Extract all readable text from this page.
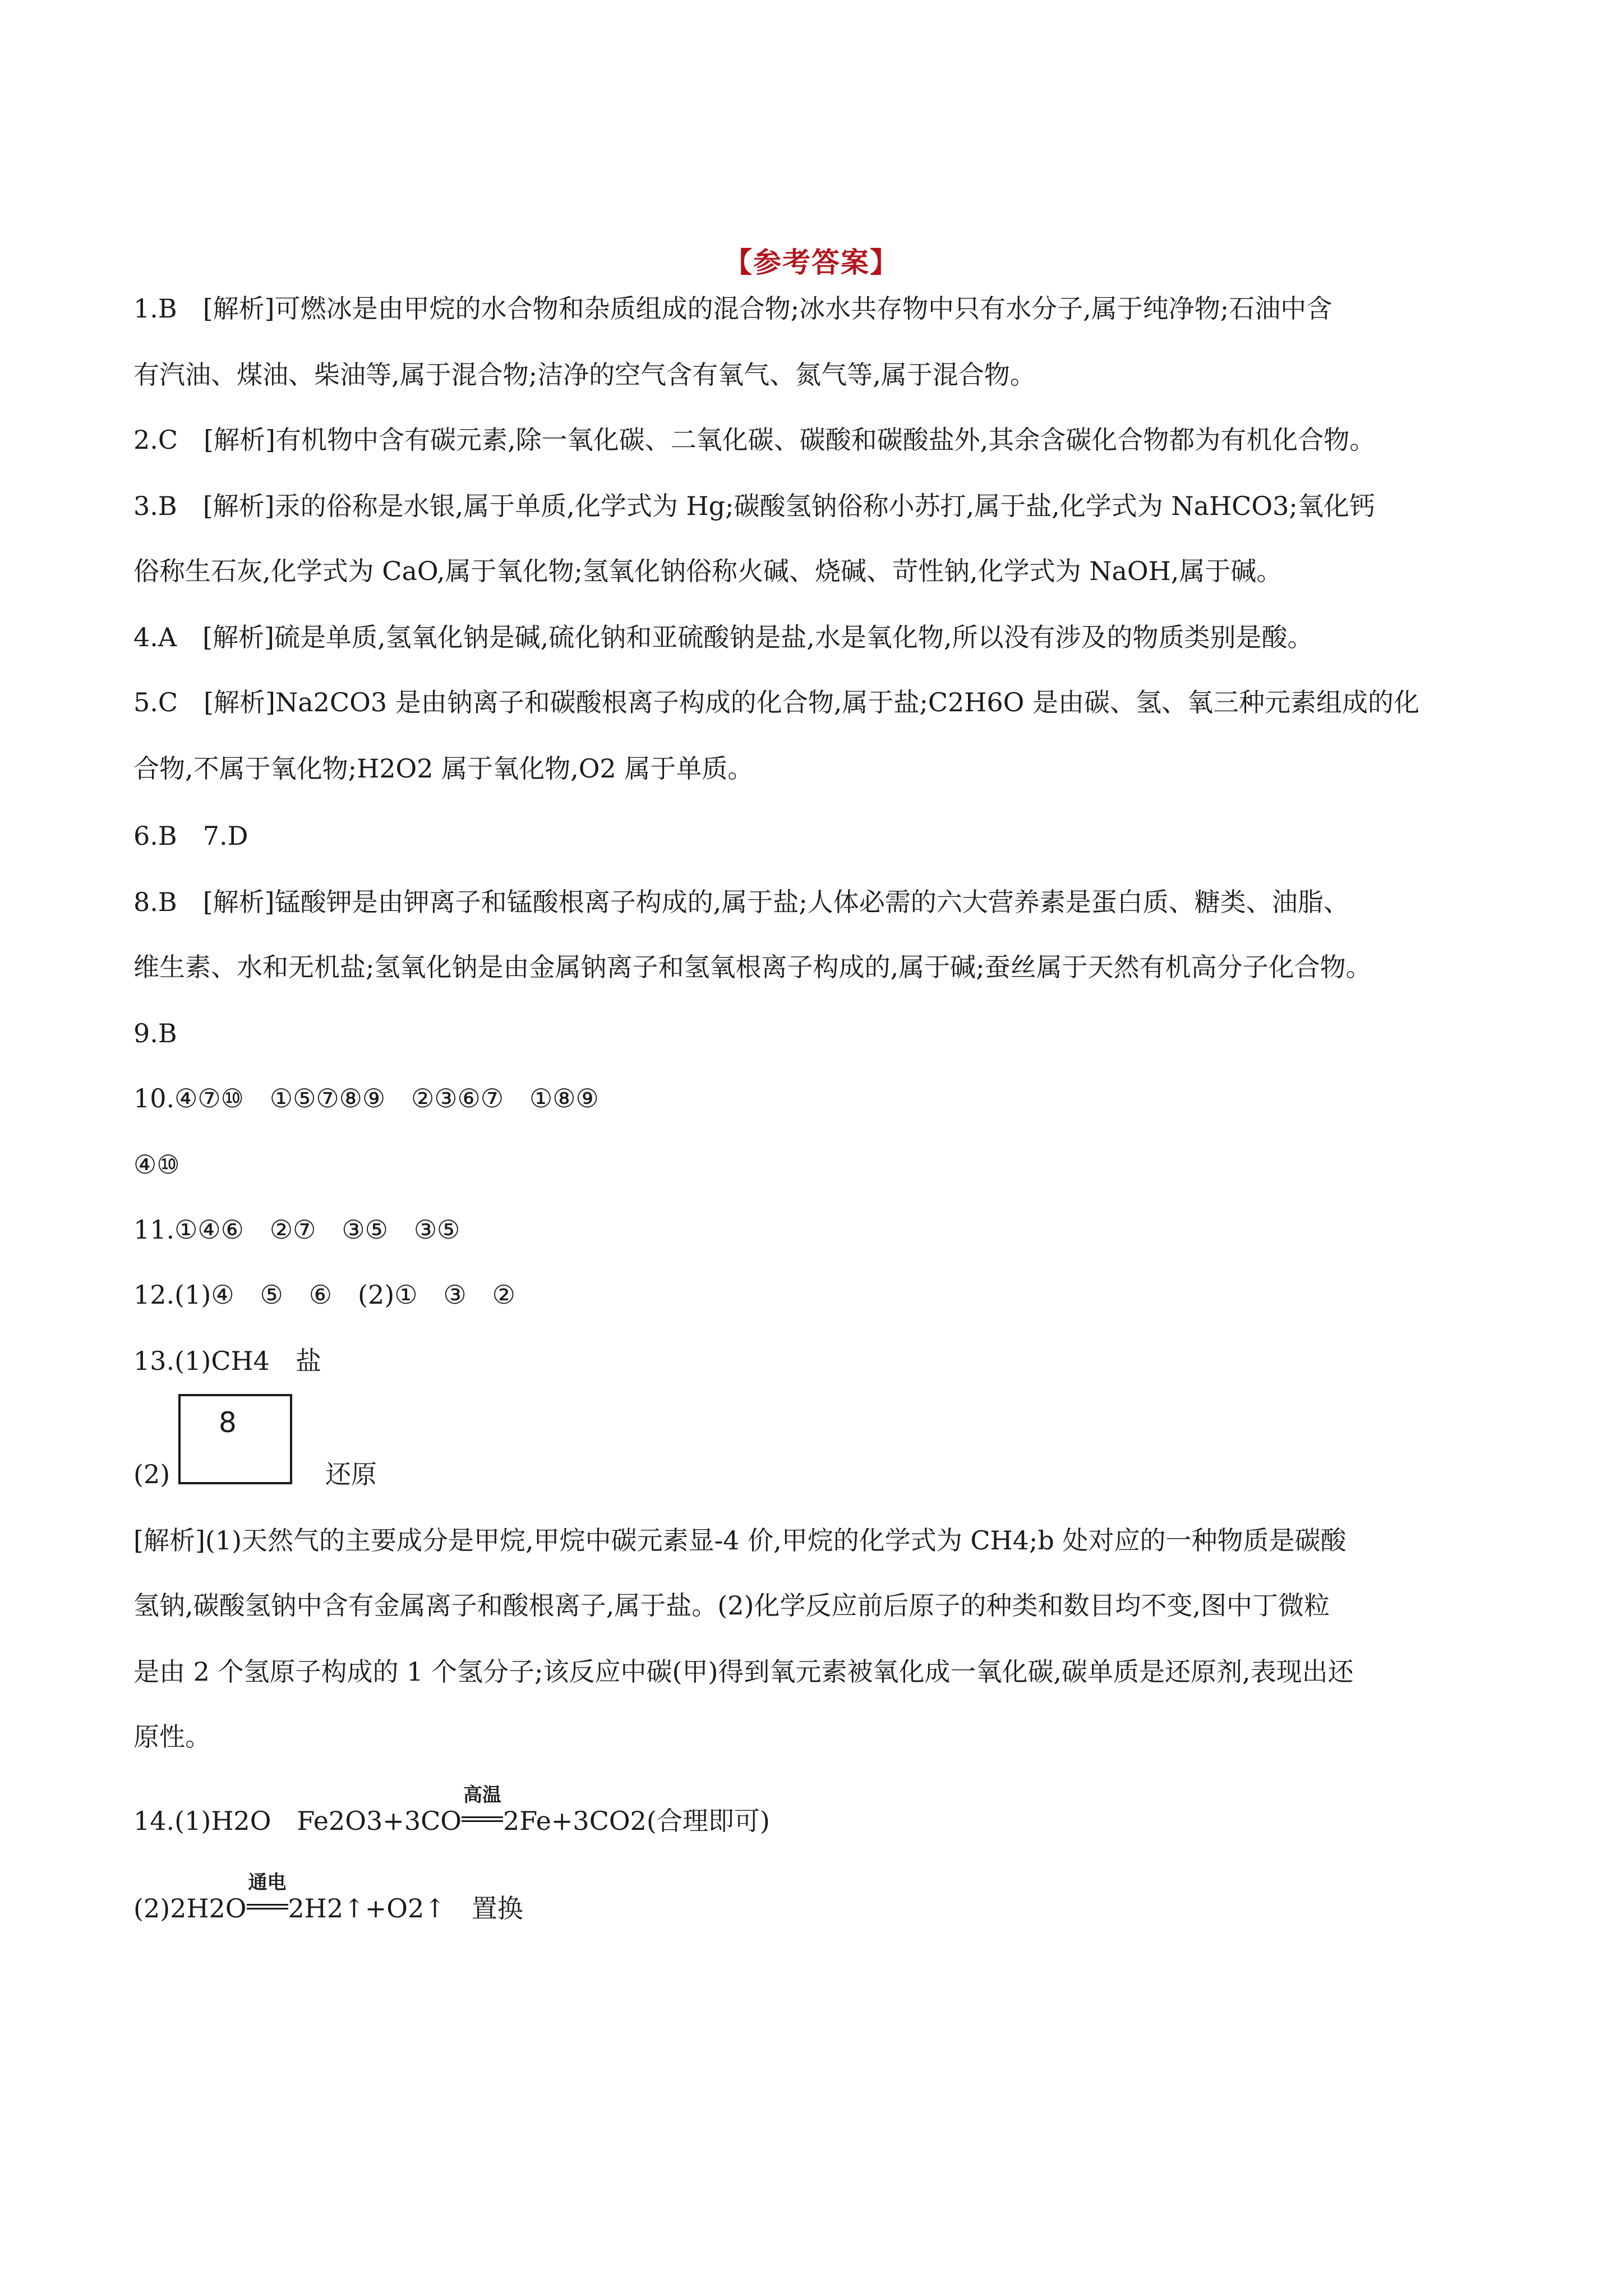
【参考答案】
1.B　[解析]可燃冰是由甲烷的水合物和杂质组成的混合物;冰水共存物中只有水分子,属于纯净物;石油中含
有汽油、煤油、柴油等,属于混合物;洁净的空气含有氧气、氮气等,属于混合物。
2.C　[解析]有机物中含有碳元素,除一氧化碳、二氧化碳、碳酸和碳酸盐外,其余含碳化合物都为有机化合物。
3.B　[解析]汞的俗称是水银,属于单质,化学式为 Hg;碳酸氢钠俗称小苏打,属于盐,化学式为 NaHCO3;氧化钙
俗称生石灰,化学式为 CaO,属于氧化物;氢氧化钠俗称火碱、烧碱、苛性钠,化学式为 NaOH,属于碱。
4.A　[解析]硫是单质,氢氧化钠是碱,硫化钠和亚硫酸钠是盐,水是氧化物,所以没有涉及的物质类别是酸。
5.C　[解析]Na2CO3 是由钠离子和碳酸根离子构成的化合物,属于盐;C2H6O 是由碳、氢、氧三种元素组成的化
合物,不属于氧化物;H2O2 属于氧化物,O2 属于单质。
6.B　7.D
8.B　[解析]锰酸钾是由钾离子和锰酸根离子构成的,属于盐;人体必需的六大营养素是蛋白质、糖类、油脂、
维生素、水和无机盐;氢氧化钠是由金属钠离子和氢氧根离子构成的,属于碱;蚕丝属于天然有机高分子化合物。
9.B
10.④⑦⑩　①⑤⑦⑧⑨　②③⑥⑦　①⑧⑨
④⑩
11.①④⑥　②⑦　③⑤　③⑤
12.(1)④　⑤　⑥　(2)①　③　②
13.(1)CH4　盐
(2)
8
还原
[解析](1)天然气的主要成分是甲烷,甲烷中碳元素显-4 价,甲烷的化学式为 CH4;b 处对应的一种物质是碳酸
氢钠,碳酸氢钠中含有金属离子和酸根离子,属于盐。(2)化学反应前后原子的种类和数目均不变,图中丁微粒
是由 2 个氢原子构成的 1 个氢分子;该反应中碳(甲)得到氧元素被氧化成一氧化碳,碳单质是还原剂,表现出还
原性。
14.(1)H2O　Fe2O3+3CO
高温
2Fe+3CO2(合理即可)
(2)2H2O
通电
2H2↑+O2↑　置换
